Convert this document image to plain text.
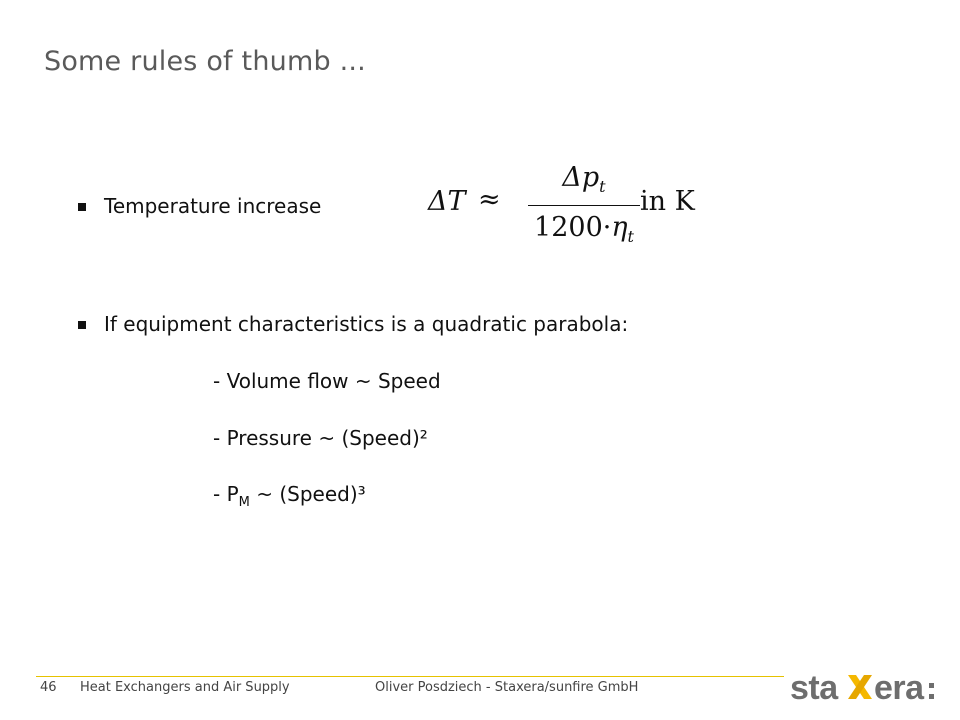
Some rules of thumb ...
Temperature increase	ΔT ≈
$\Delta p_t$
$1200\cdot\eta_t$
in K
If equipment characteristics is a quadratic parabola:
- Volume flow ~ Speed
- Pressure ~ (Speed)²
- $P_M$ ~ (Speed)³
46 Heat Exchangers and Air Supply	Oliver Posdziech - Staxera/sunfire GmbH	sta era
